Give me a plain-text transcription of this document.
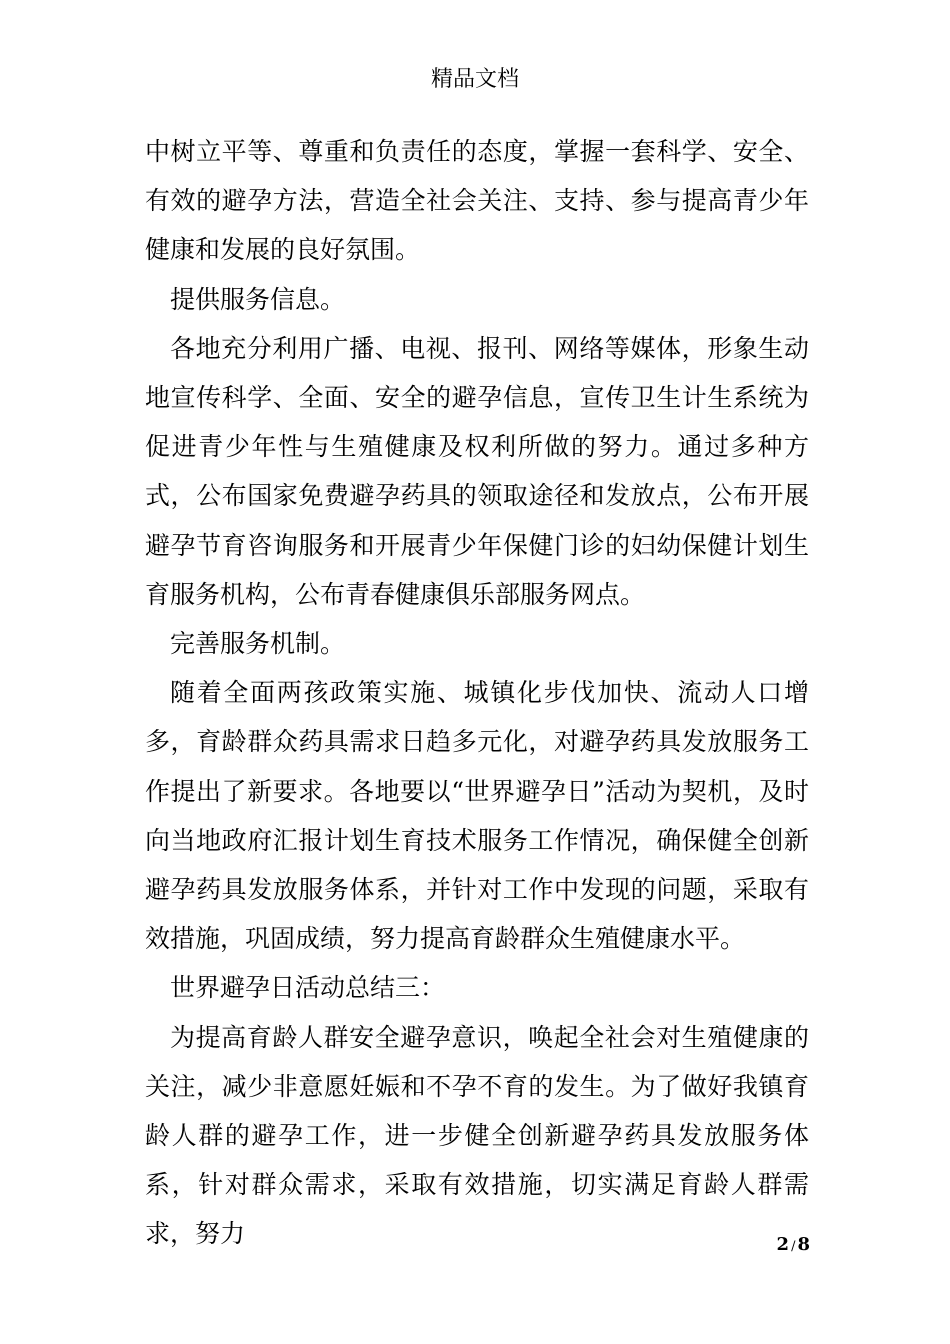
精品文档

中树立平等、尊重和负责任的态度，掌握一套科学、安全、有效的避孕方法，营造全社会关注、支持、参与提高青少年健康和发展的良好氛围。

提供服务信息。

各地充分利用广播、电视、报刊、网络等媒体，形象生动地宣传科学、全面、安全的避孕信息，宣传卫生计生系统为促进青少年性与生殖健康及权利所做的努力。通过多种方式，公布国家免费避孕药具的领取途径和发放点，公布开展避孕节育咨询服务和开展青少年保健门诊的妇幼保健计划生育服务机构，公布青春健康俱乐部服务网点。

完善服务机制。

随着全面两孩政策实施、城镇化步伐加快、流动人口增多，育龄群众药具需求日趋多元化，对避孕药具发放服务工作提出了新要求。各地要以“世界避孕日”活动为契机，及时向当地政府汇报计划生育技术服务工作情况，确保健全创新避孕药具发放服务体系，并针对工作中发现的问题，采取有效措施，巩固成绩，努力提高育龄群众生殖健康水平。

世界避孕日活动总结三：

为提高育龄人群安全避孕意识，唤起全社会对生殖健康的关注，减少非意愿妊娠和不孕不育的发生。为了做好我镇育龄人群的避孕工作，进一步健全创新避孕药具发放服务体系，针对群众需求，采取有效措施，切实满足育龄人群需求，努力	2 / 8
